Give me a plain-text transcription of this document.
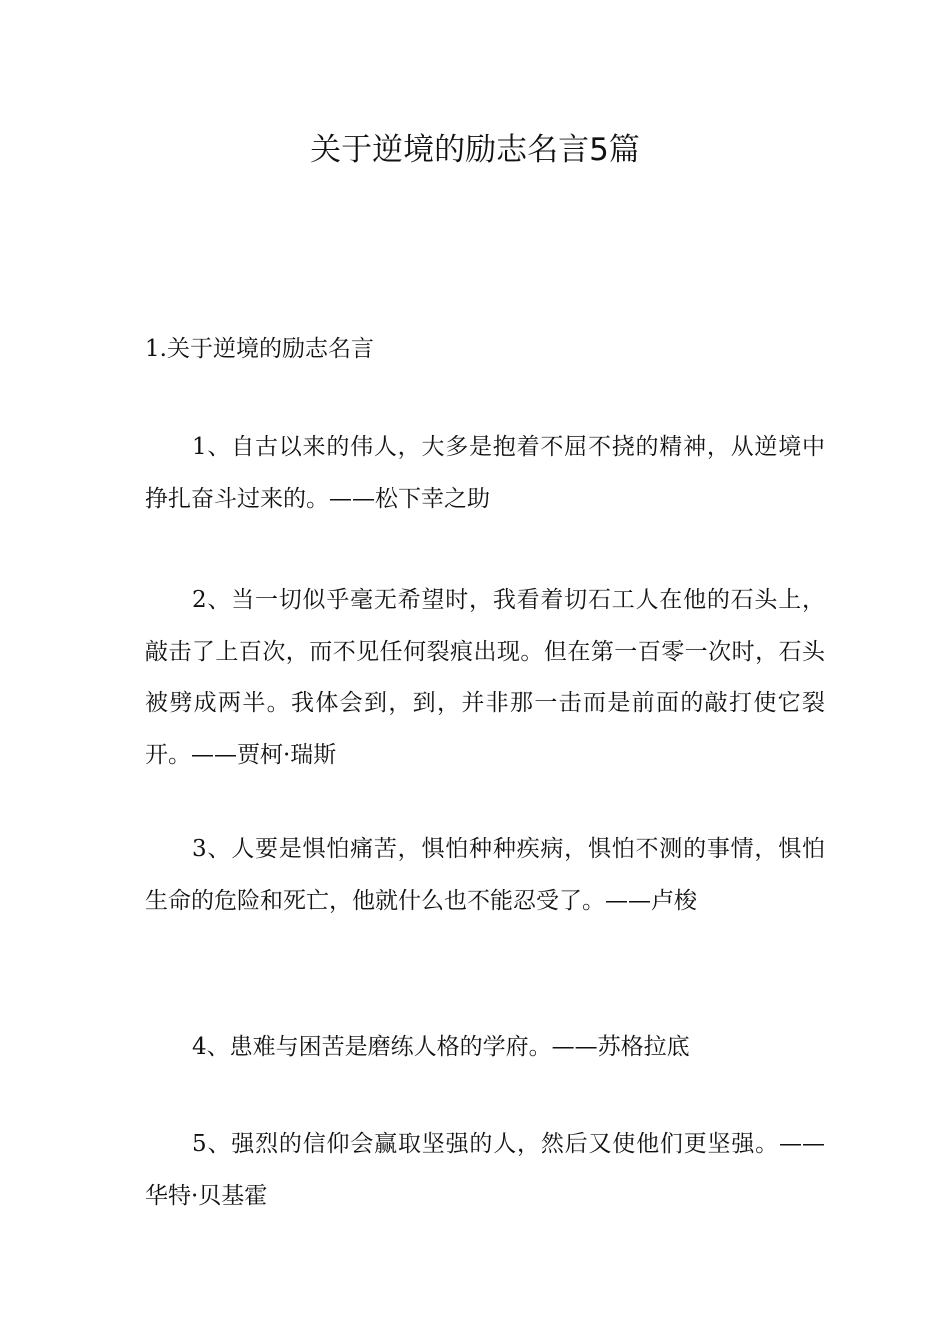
关于逆境的励志名言5篇
1.关于逆境的励志名言

1、自古以来的伟人，大多是抱着不屈不挠的精神，从逆境中挣扎奋斗过来的。——松下幸之助

2、当一切似乎毫无希望时，我看着切石工人在他的石头上，敲击了上百次，而不见任何裂痕出现。但在第一百零一次时，石头被劈成两半。我体会到，到，并非那一击而是前面的敲打使它裂开。——贾柯·瑞斯

3、人要是惧怕痛苦，惧怕种种疾病，惧怕不测的事情，惧怕生命的危险和死亡，他就什么也不能忍受了。——卢梭

4、患难与困苦是磨练人格的学府。——苏格拉底

5、强烈的信仰会赢取坚强的人，然后又使他们更坚强。——华特·贝基霍
